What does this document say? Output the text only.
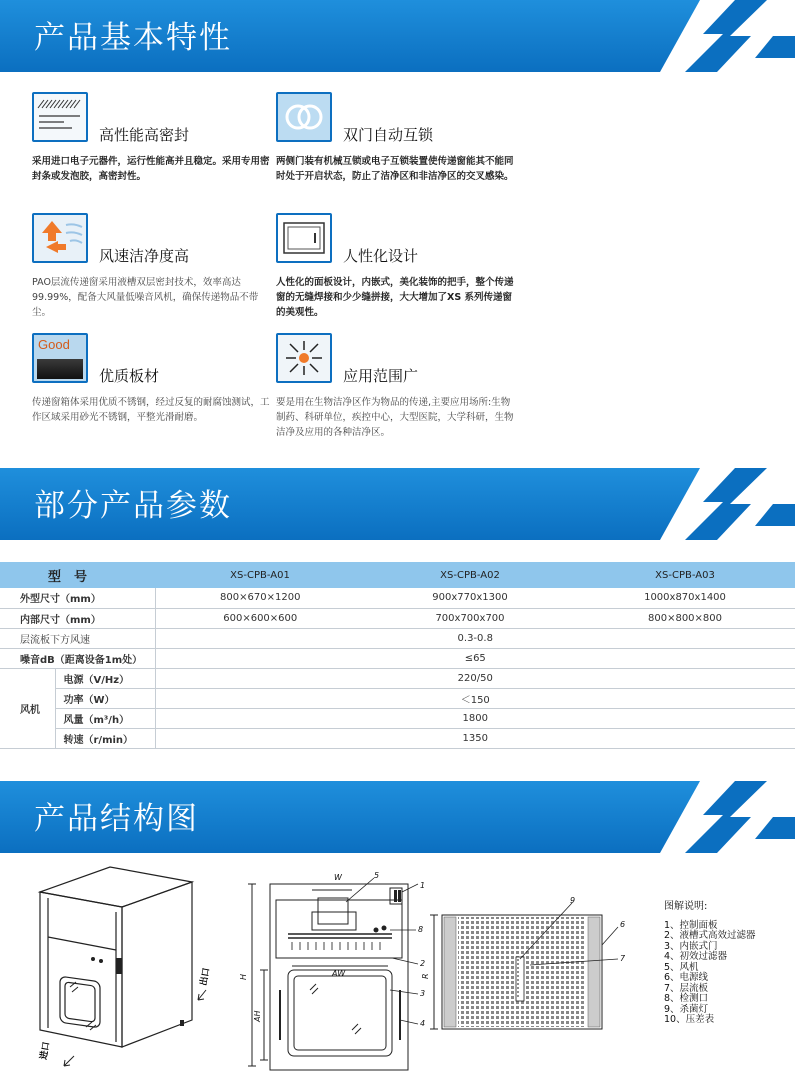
产品基本特性
高性能高密封
采用进口电子元器件，运行性能高并且稳定。采用专用密封条或发泡胶，高密封性。
双门自动互锁
两侧门装有机械互锁或电子互锁装置使传递窗能其不能同时处于开启状态，防止了洁净区和非洁净区的交叉感染。
风速洁净度高
PAO层流传递窗采用液槽双层密封技术，效率高达99.99%，配备大风量低噪音风机，确保传递物品不带尘。
人性化设计
人性化的面板设计，内嵌式，美化装饰的把手，整个传递窗的无缝焊接和少少缝拼接，大大增加了XS 系列传递窗的美观性。
Good
优质板材
传递窗箱体采用优质不锈钢，经过反复的耐腐蚀测试，工作区域采用砂光不锈钢，平整光滑耐磨。
应用范围广
要是用在生物洁净区作为物品的传递,主要应用场所:生物制药、科研单位，疾控中心，大型医院，大学科研，生物洁净及应用的各种洁净区。
部分产品参数
型　号		XS-CPB-A01	XS-CPB-A02	XS-CPB-A03
外型尺寸（mm）		800×670×1200	900x770x1300	1000x870x1400
内部尺寸（mm）		600×600×600	700x700x700	800×800×800
层流板下方风速		0.3-0.8		
噪音dB（距离设备1m处）		≤65		
风机	电源（V/Hz）	220/50		
	功率（W）	＜150		
	风量（m³/h）	1800		
	转速（r/min）	1350		
产品结构图
出口
进口
H
AH
AW
W	5
1
8
2
3
4
9
6
7
R
图解说明:
1、控制面板
2、液槽式高效过滤器
3、内嵌式门
4、初效过滤器
5、风机
6、电源线
7、层流板
8、检测口
9、杀菌灯
10、压差表
